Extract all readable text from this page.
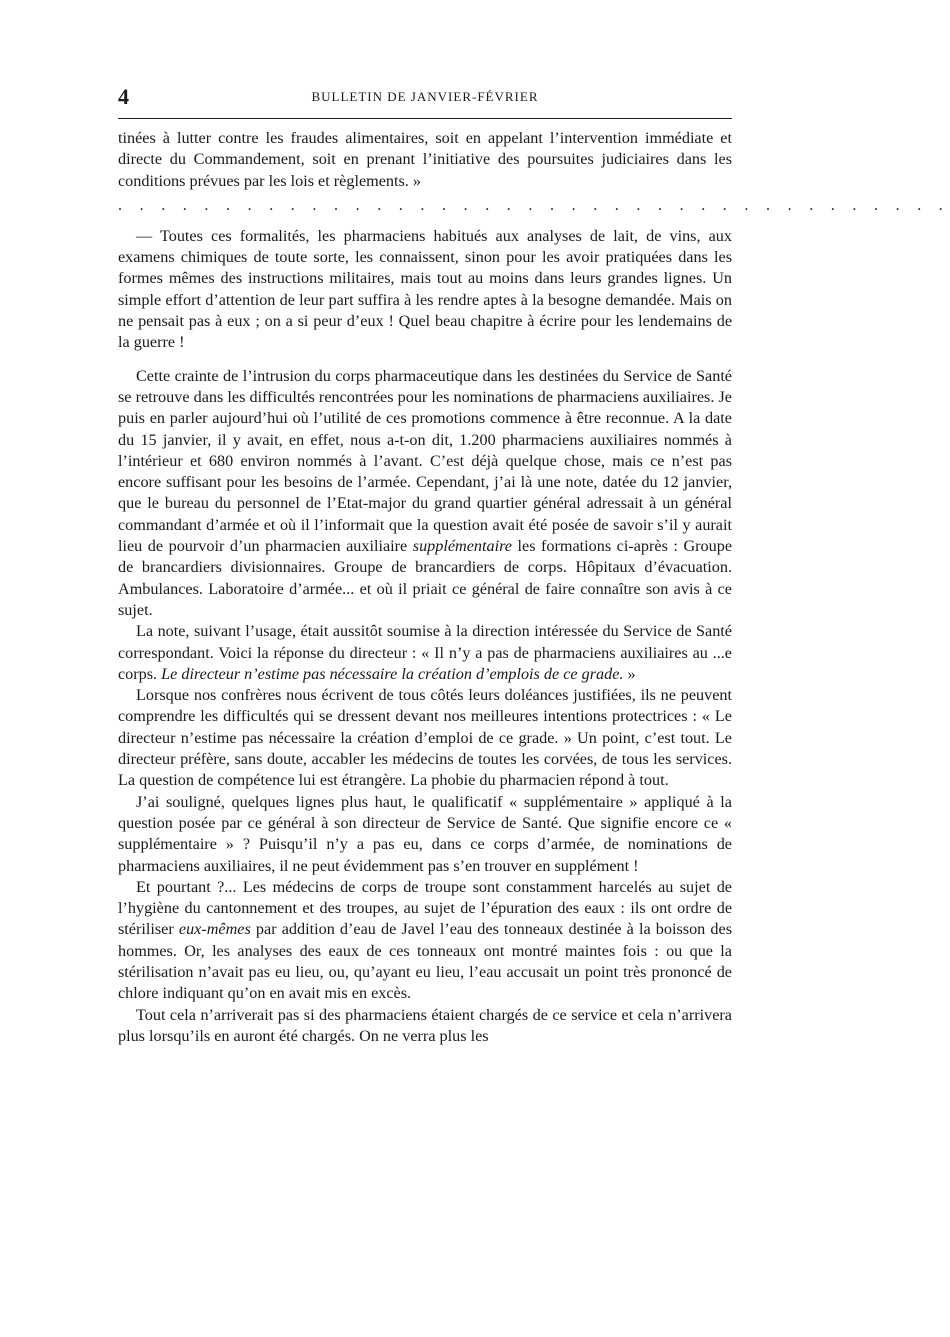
4	BULLETIN DE JANVIER-FÉVRIER

tinées à lutter contre les fraudes alimentaires, soit en appelant l’intervention immédiate et directe du Commandement, soit en prenant l’initiative des poursuites judiciaires dans les conditions prévues par les lois et règlements. »

. . . . . . . . . . . . . . . . . . . . . . . . . . . . . . . . . . . . . . .

— Toutes ces formalités, les pharmaciens habitués aux analyses de lait, de vins, aux examens chimiques de toute sorte, les connaissent, sinon pour les avoir pratiquées dans les formes mêmes des instructions militaires, mais tout au moins dans leurs grandes lignes. Un simple effort d’attention de leur part suffira à les rendre aptes à la besogne demandée. Mais on ne pensait pas à eux ; on a si peur d’eux ! Quel beau chapitre à écrire pour les lendemains de la guerre !

Cette crainte de l’intrusion du corps pharmaceutique dans les destinées du Service de Santé se retrouve dans les difficultés rencontrées pour les nominations de pharmaciens auxiliaires. Je puis en parler aujourd’hui où l’utilité de ces promotions commence à être reconnue. A la date du 15 janvier, il y avait, en effet, nous a-t-on dit, 1.200 pharmaciens auxiliaires nommés à l’intérieur et 680 environ nommés à l’avant. C’est déjà quelque chose, mais ce n’est pas encore suffisant pour les besoins de l’armée. Cependant, j’ai là une note, datée du 12 janvier, que le bureau du personnel de l’Etat-major du grand quartier général adressait à un général commandant d’armée et où il l’informait que la question avait été posée de savoir s’il y aurait lieu de pourvoir d’un pharmacien auxiliaire supplémentaire les formations ci-après : Groupe de brancardiers divisionnaires. Groupe de brancardiers de corps. Hôpitaux d’évacuation. Ambulances. Laboratoire d’armée... et où il priait ce général de faire connaître son avis à ce sujet.

La note, suivant l’usage, était aussitôt soumise à la direction intéressée du Service de Santé correspondant. Voici la réponse du directeur : « Il n’y a pas de pharmaciens auxiliaires au ...e corps. Le directeur n’estime pas nécessaire la création d’emplois de ce grade. »

Lorsque nos confrères nous écrivent de tous côtés leurs doléances justifiées, ils ne peuvent comprendre les difficultés qui se dressent devant nos meilleures intentions protectrices : « Le directeur n’estime pas nécessaire la création d’emploi de ce grade. » Un point, c’est tout. Le directeur préfère, sans doute, accabler les médecins de toutes les corvées, de tous les services. La question de compétence lui est étrangère. La phobie du pharmacien répond à tout.

J’ai souligné, quelques lignes plus haut, le qualificatif « supplémentaire » appliqué à la question posée par ce général à son directeur de Service de Santé. Que signifie encore ce « supplémentaire » ? Puisqu’il n’y a pas eu, dans ce corps d’armée, de nominations de pharmaciens auxiliaires, il ne peut évidemment pas s’en trouver en supplément !

Et pourtant ?... Les médecins de corps de troupe sont constamment harcelés au sujet de l’hygiène du cantonnement et des troupes, au sujet de l’épuration des eaux : ils ont ordre de stériliser eux-mêmes par addition d’eau de Javel l’eau des tonneaux destinée à la boisson des hommes. Or, les analyses des eaux de ces tonneaux ont montré maintes fois : ou que la stérilisation n’avait pas eu lieu, ou, qu’ayant eu lieu, l’eau accusait un point très prononcé de chlore indiquant qu’on en avait mis en excès.

Tout cela n’arriverait pas si des pharmaciens étaient chargés de ce service et cela n’arrivera plus lorsqu’ils en auront été chargés. On ne verra plus les
